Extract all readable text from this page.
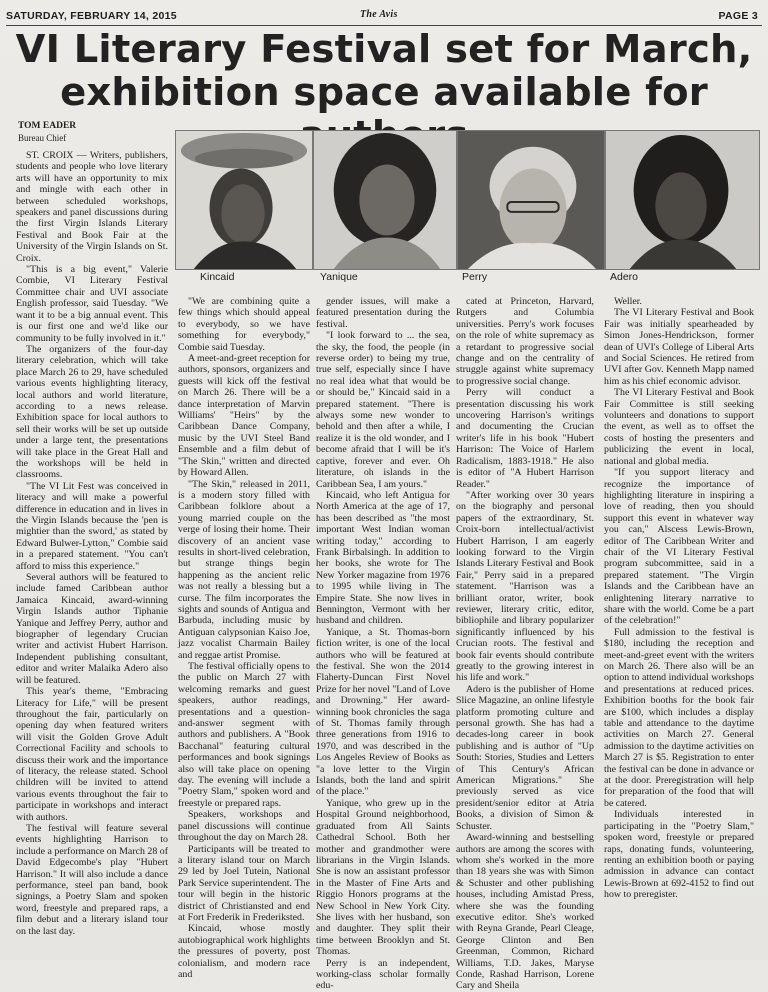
SATURDAY, FEBRUARY 14, 2015	The Avis	PAGE 3
VI Literary Festival set for March, exhibition space available for
TOM EADER
Bureau Chief
Kincaid	Yanique	Perry	Adero

ST. CROIX — Writers, publishers, students and people who love literary arts will have an opportunity to mix and mingle with each other in between scheduled workshops, speakers and panel discussions during the first Virgin Islands Literary Festival and Book Fair at the University of the Virgin Islands on St. Croix.

"This is a big event," Valerie Combie, VI Literary Festival Committee chair and UVI associate English professor, said Tuesday. "We want it to be a big annual event. This is our first one and we'd like our community to be fully involved in it."

The organizers of the four-day literary celebration, which will take place March 26 to 29, have scheduled various events highlighting literacy, local authors and world literature, according to a news release. Exhibition space for local authors to sell their works will be set up outside under a large tent, the presentations will take place in the Great Hall and the workshops will be held in classrooms.

"The VI Lit Fest was conceived in literacy and will make a powerful difference in education and in lives in the Virgin Islands because the 'pen is mightier than the sword,' as stated by Edward Bulwer-Lytton," Combie said in a prepared statement. "You can't afford to miss this experience."

Several authors will be featured to include famed Caribbean author Jamaica Kincaid, award-winning Virgin Islands author Tiphanie Yanique and Jeffrey Perry, author and biographer of legendary Crucian writer and activist Hubert Harrison. Independent publishing consultant, editor and writer Malaika Adero also will be featured.

This year's theme, "Embracing Literacy for Life," will be present throughout the fair, particularly on opening day when featured writers will visit the Golden Grove Adult Correctional Facility and schools to discuss their work and the importance of literacy, the release stated. School children will be invited to attend various events throughout the fair to participate in workshops and interact with authors.

The festival will feature several events highlighting Harrison to include a performance on March 28 of David Edgecombe's play "Hubert Harrison." It will also include a dance performance, steel pan band, book signings, a Poetry Slam and spoken word, freestyle and prepared raps, a film debut and a literary island tour on the last day.

"We are combining quite a few things which should appeal to everybody, so we have something for everybody," Combie said Tuesday.

A meet-and-greet reception for authors, sponsors, organizers and guests will kick off the festival on March 26. There will be a dance interpretation of Marvin Williams' "Heirs" by the Caribbean Dance Company, music by the UVI Steel Band Ensemble and a film debut of "The Skin," written and directed by Howard Allen.

"The Skin," released in 2011, is a modern story filled with Caribbean folklore about a young married couple on the verge of losing their home. Their discovery of an ancient vase results in short-lived celebration, but strange things begin happening as the ancient relic was not really a blessing but a curse. The film incorporates the sights and sounds of Antigua and Barbuda, including music by Antiguan calypsonian Kaiso Joe, jazz vocalist Charmain Bailey and reggae artist Promise.

The festival officially opens to the public on March 27 with welcoming remarks and guest speakers, author readings, presentations and a question-and-answer segment with authors and publishers. A "Book Bacchanal" featuring cultural performances and book signings also will take place on opening day. The evening will include a "Poetry Slam," spoken word and freestyle or prepared raps.

Speakers, workshops and panel discussions will continue throughout the day on March 28.

Participants will be treated to a literary island tour on March 29 led by Joel Tutein, National Park Service superintendent. The tour will begin in the historic district of Christiansted and end at Fort Frederik in Frederiksted.

Kincaid, whose mostly autobiographical work highlights the pressures of poverty, post colonialism, and modern race and

gender issues, will make a featured presentation during the festival.

"I look forward to ... the sea, the sky, the food, the people (in reverse order) to being my true, true self, especially since I have no real idea what that would be or should be," Kincaid said in a prepared statement. "There is always some new wonder to behold and then after a while, I realize it is the old wonder, and I become afraid that I will be it's captive, forever and ever. Oh literature, oh islands in the Caribbean Sea, I am yours."

Kincaid, who left Antigua for North America at the age of 17, has been described as "the most important West Indian woman writing today," according to Frank Birbalsingh. In addition to her books, she wrote for The New Yorker magazine from 1976 to 1995 while living in The Empire State. She now lives in Bennington, Vermont with her husband and children.

Yanique, a St. Thomas-born fiction writer, is one of the local authors who will be featured at the festival. She won the 2014 Flaherty-Duncan First Novel Prize for her novel "Land of Love and Drowning." Her award-winning book chronicles the saga of St. Thomas family through three generations from 1916 to 1970, and was described in the Los Angeles Review of Books as "a love letter to the Virgin Islands, both the land and spirit of the place."

Yanique, who grew up in the Hospital Ground neighborhood, graduated from All Saints Cathedral School. Both her mother and grandmother were librarians in the Virgin Islands. She is now an assistant professor in the Master of Fine Arts and Riggio Honors programs at the New School in New York City. She lives with her husband, son and daughter. They split their time between Brooklyn and St. Thomas.

Perry is an independent, working-class scholar formally edu-

cated at Princeton, Harvard, Rutgers and Columbia universities. Perry's work focuses on the role of white supremacy as a retardant to progressive social change and on the centrality of struggle against white supremacy to progressive social change.

Perry will conduct a presentation discussing his work uncovering Harrison's writings and documenting the Crucian writer's life in his book "Hubert Harrison: The Voice of Harlem Radicalism, 1883-1918." He also is editor of "A Hubert Harrison Reader."

"After working over 30 years on the biography and personal papers of the extraordinary, St. Croix-born intellectual/activist Hubert Harrison, I am eagerly looking forward to the Virgin Islands Literary Festival and Book Fair," Perry said in a prepared statement. "Harrison was a brilliant orator, writer, book reviewer, literary critic, editor, bibliophile and library popularizer significantly influenced by his Crucian roots. The festival and book fair events should contribute greatly to the growing interest in his life and work."

Adero is the publisher of Home Slice Magazine, an online lifestyle platform promoting culture and personal growth. She has had a decades-long career in book publishing and is author of "Up South: Stories, Studies and Letters of This Century's African American Migrations." She previously served as vice president/senior editor at Atria Books, a division of Simon & Schuster.

Award-winning and bestselling authors are among the scores with whom she's worked in the more than 18 years she was with Simon & Schuster and other publishing houses, including Amistad Press, where she was the founding executive editor. She's worked with Reyna Grande, Pearl Cleage, George Clinton and Ben Greenman, Common, Richard Williams, T.D. Jakes, Maryse Conde, Rashad Harrison, Lorene Cary and Sheila

Weller.

The VI Literary Festival and Book Fair was initially spearheaded by Simon Jones-Hendrickson, former dean of UVI's College of Liberal Arts and Social Sciences. He retired from UVI after Gov. Kenneth Mapp named him as his chief economic advisor.

The VI Literary Festival and Book Fair Committee is still seeking volunteers and donations to support the event, as well as to offset the costs of hosting the presenters and publicizing the event in local, national and global media.

"If you support literacy and recognize the importance of highlighting literature in inspiring a love of reading, then you should support this event in whatever way you can," Alscess Lewis-Brown, editor of The Caribbean Writer and chair of the VI Literary Festival program subcommittee, said in a prepared statement. "The Virgin Islands and the Caribbean have an enlightening literary narrative to share with the world. Come be a part of the celebration!"

Full admission to the festival is $180, including the reception and meet-and-greet event with the writers on March 26. There also will be an option to attend individual workshops and presentations at reduced prices. Exhibition booths for the book fair are $100, which includes a display table and attendance to the daytime activities on March 27. General admission to the daytime activities on March 27 is $5. Registration to enter the festival can be done in advance or at the door. Preregistration will help for preparation of the food that will be catered.

Individuals interested in participating in the "Poetry Slam," spoken word, freestyle or prepared raps, donating funds, volunteering, renting an exhibition booth or paying admission in advance can contact Lewis-Brown at 692-4152 to find out how to preregister.
